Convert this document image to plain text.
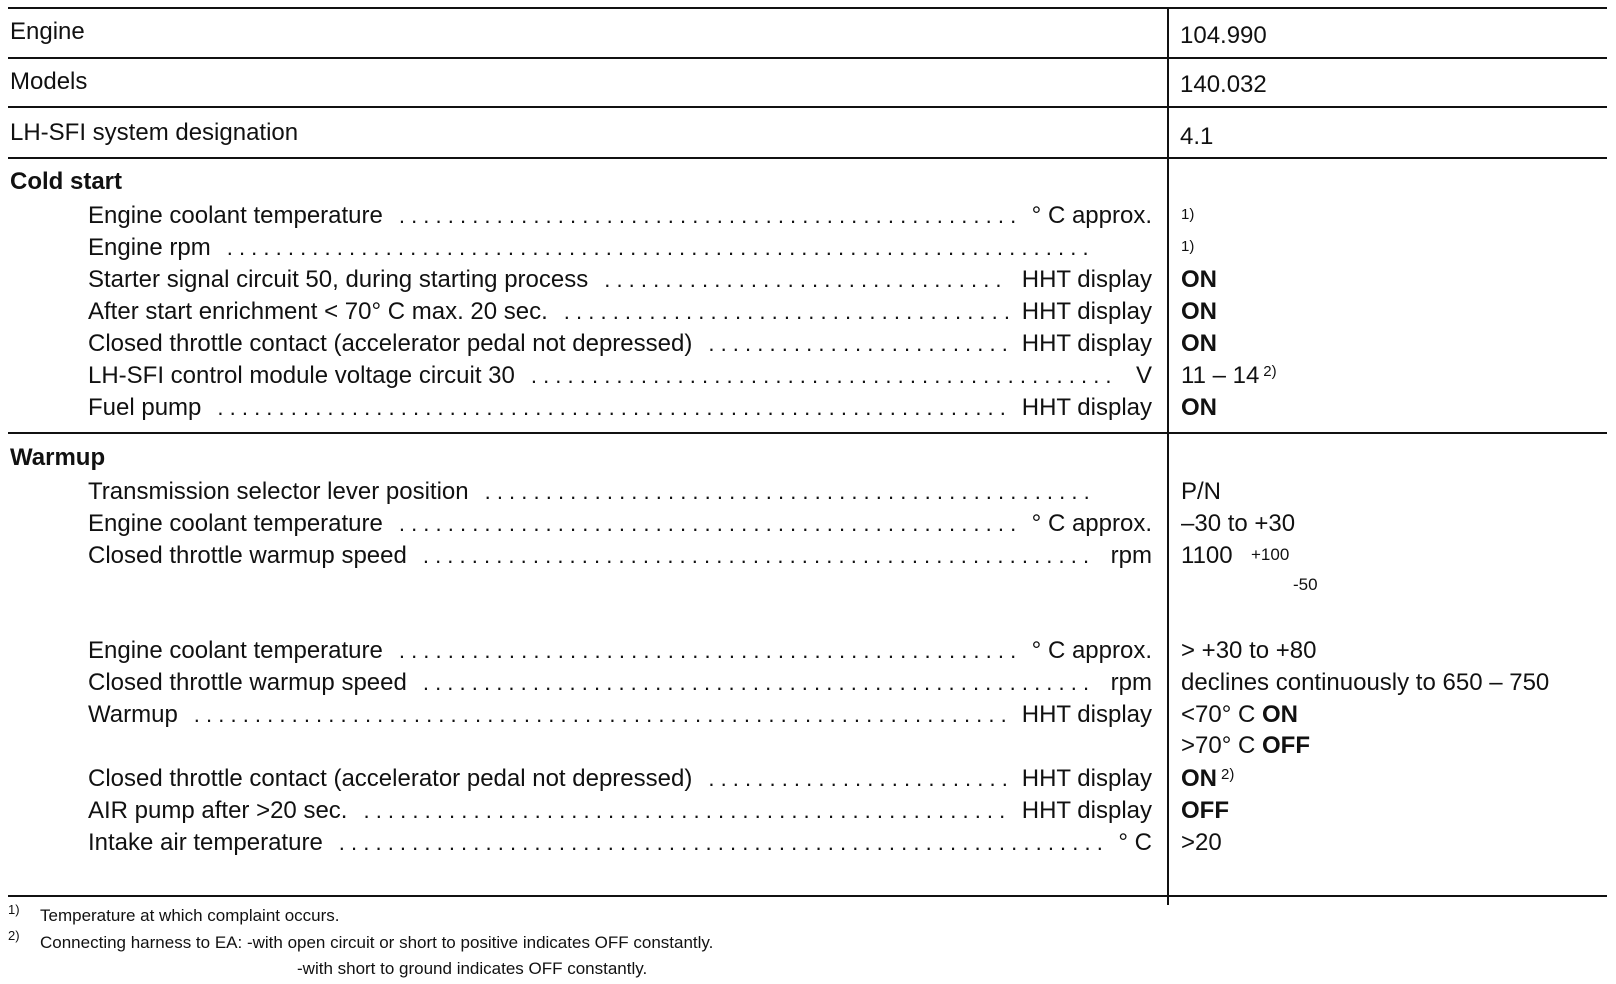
Engine	104.990
Models	140.032
LH-SFI system designation	4.1
Cold start
Engine coolant temperature . . .	° C approx. 1)
Engine rpm . . .	1)
Starter signal circuit 50, during starting process . . .	HHT display ON
After start enrichment < 70° C max. 20 sec. . . .	HHT display ON
Closed throttle contact (accelerator pedal not depressed) . . .	HHT display ON
LH-SFI control module voltage circuit 30 . . .	V 11 – 14 $^{2)}$
Fuel pump . . .	HHT display ON
Warmup
Transmission selector lever position . . .	P/N
Engine coolant temperature . . .	° C approx. –30 to +30
Closed throttle warmup speed . . .	rpm 1100 +100
-50
Engine coolant temperature . . .	° C approx. > +30 to +80
Closed throttle warmup speed . . .	rpm declines continuously to 650 – 750
Warmup . . .	HHT display <70° C ON
>70° C OFF
Closed throttle contact (accelerator pedal not depressed) . . .	HHT display ON $^{2)}$
AIR pump after >20 sec. . . .	HHT display OFF
Intake air temperature . . .	° C >20
1) Temperature at which complaint occurs.
2) Connecting harness to EA: -with open circuit or short to positive indicates OFF constantly.
-with short to ground indicates OFF constantly.
